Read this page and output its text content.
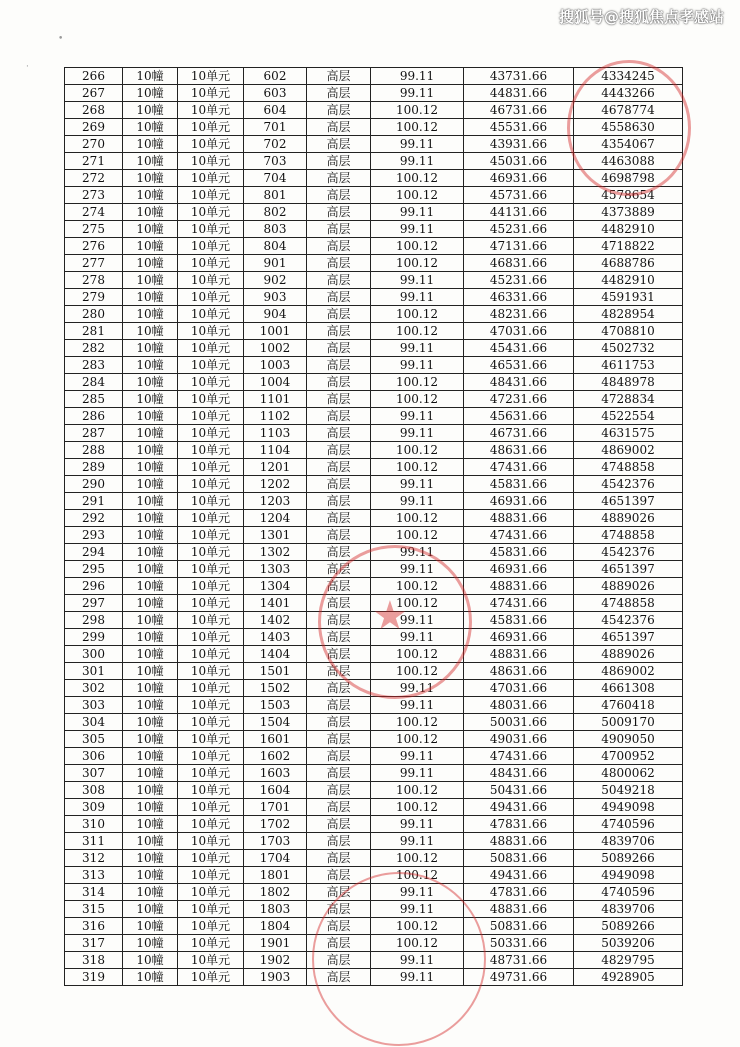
搜狐号@搜狐焦点孝感站
•
·
266	10幢	10单元	602	高层	99.11	43731.66	4334245
267	10幢	10单元	603	高层	99.11	44831.66	4443266
268	10幢	10单元	604	高层	100.12	46731.66	4678774
269	10幢	10单元	701	高层	100.12	45531.66	4558630
270	10幢	10单元	702	高层	99.11	43931.66	4354067
271	10幢	10单元	703	高层	99.11	45031.66	4463088
272	10幢	10单元	704	高层	100.12	46931.66	4698798
273	10幢	10单元	801	高层	100.12	45731.66	4578654
274	10幢	10单元	802	高层	99.11	44131.66	4373889
275	10幢	10单元	803	高层	99.11	45231.66	4482910
276	10幢	10单元	804	高层	100.12	47131.66	4718822
277	10幢	10单元	901	高层	100.12	46831.66	4688786
278	10幢	10单元	902	高层	99.11	45231.66	4482910
279	10幢	10单元	903	高层	99.11	46331.66	4591931
280	10幢	10单元	904	高层	100.12	48231.66	4828954
281	10幢	10单元	1001	高层	100.12	47031.66	4708810
282	10幢	10单元	1002	高层	99.11	45431.66	4502732
283	10幢	10单元	1003	高层	99.11	46531.66	4611753
284	10幢	10单元	1004	高层	100.12	48431.66	4848978
285	10幢	10单元	1101	高层	100.12	47231.66	4728834
286	10幢	10单元	1102	高层	99.11	45631.66	4522554
287	10幢	10单元	1103	高层	99.11	46731.66	4631575
288	10幢	10单元	1104	高层	100.12	48631.66	4869002
289	10幢	10单元	1201	高层	100.12	47431.66	4748858
290	10幢	10单元	1202	高层	99.11	45831.66	4542376
291	10幢	10单元	1203	高层	99.11	46931.66	4651397
292	10幢	10单元	1204	高层	100.12	48831.66	4889026
293	10幢	10单元	1301	高层	100.12	47431.66	4748858
294	10幢	10单元	1302	高层	99.11	45831.66	4542376
295	10幢	10单元	1303	高层	99.11	46931.66	4651397
296	10幢	10单元	1304	高层	100.12	48831.66	4889026
297	10幢	10单元	1401	高层	100.12	47431.66	4748858
298	10幢	10单元	1402	高层	99.11	45831.66	4542376
299	10幢	10单元	1403	高层	99.11	46931.66	4651397
300	10幢	10单元	1404	高层	100.12	48831.66	4889026
301	10幢	10单元	1501	高层	100.12	48631.66	4869002
302	10幢	10单元	1502	高层	99.11	47031.66	4661308
303	10幢	10单元	1503	高层	99.11	48031.66	4760418
304	10幢	10单元	1504	高层	100.12	50031.66	5009170
305	10幢	10单元	1601	高层	100.12	49031.66	4909050
306	10幢	10单元	1602	高层	99.11	47431.66	4700952
307	10幢	10单元	1603	高层	99.11	48431.66	4800062
308	10幢	10单元	1604	高层	100.12	50431.66	5049218
309	10幢	10单元	1701	高层	100.12	49431.66	4949098
310	10幢	10单元	1702	高层	99.11	47831.66	4740596
311	10幢	10单元	1703	高层	99.11	48831.66	4839706
312	10幢	10单元	1704	高层	100.12	50831.66	5089266
313	10幢	10单元	1801	高层	100.12	49431.66	4949098
314	10幢	10单元	1802	高层	99.11	47831.66	4740596
315	10幢	10单元	1803	高层	99.11	48831.66	4839706
316	10幢	10单元	1804	高层	100.12	50831.66	5089266
317	10幢	10单元	1901	高层	100.12	50331.66	5039206
318	10幢	10单元	1902	高层	99.11	48731.66	4829795
319	10幢	10单元	1903	高层	99.11	49731.66	4928905
★
